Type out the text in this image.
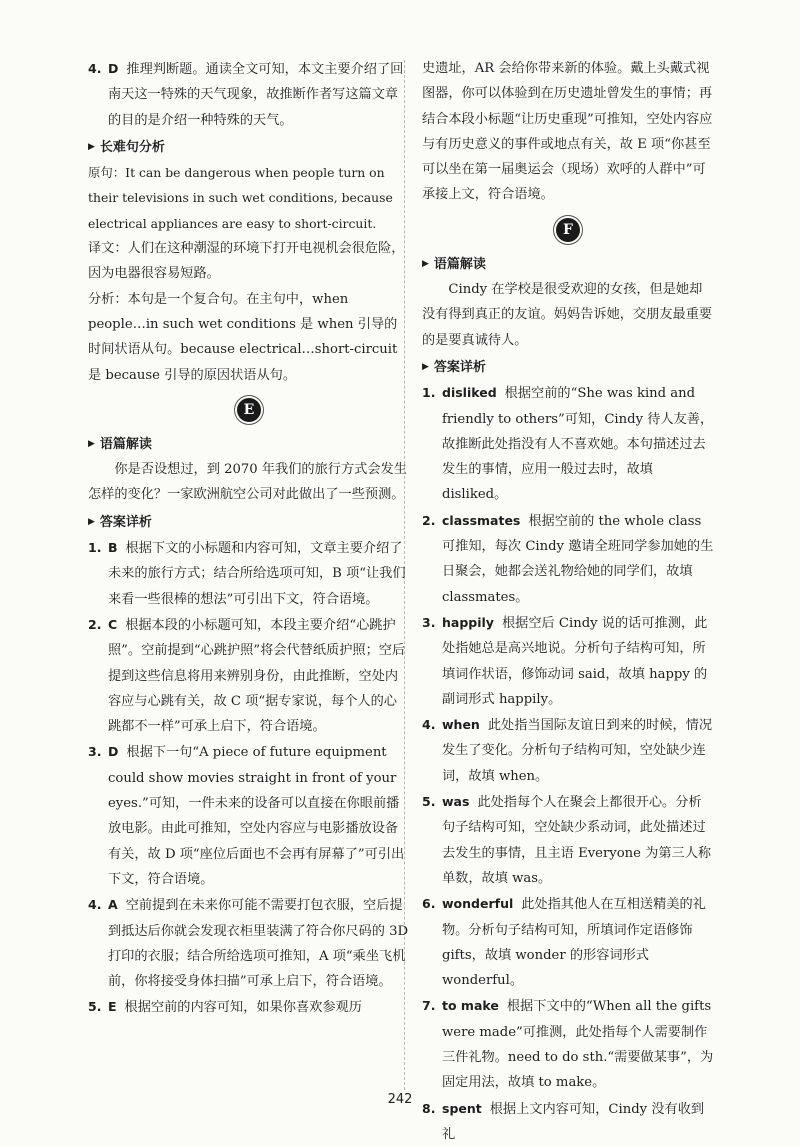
4. D 推理判断题。通读全文可知，本文主要介绍了回南天这一特殊的天气现象，故推断作者写这篇文章的目的是介绍一种特殊的天气。

▶ 长难句分析

原句：It can be dangerous when people turn on their televisions in such wet conditions, because electrical appliances are easy to short-circuit.

译文：人们在这种潮湿的环境下打开电视机会很危险，因为电器很容易短路。

分析：本句是一个复合句。在主句中，when people…in such wet conditions 是 when 引导的时间状语从句。because electrical…short-circuit 是 because 引导的原因状语从句。

E
▶ 语篇解读

你是否设想过，到 2070 年我们的旅行方式会发生怎样的变化？一家欧洲航空公司对此做出了一些预测。

▶ 答案详析

1. B 根据下文的小标题和内容可知，文章主要介绍了未来的旅行方式；结合所给选项可知，B 项“让我们来看一些很棒的想法”可引出下文，符合语境。

2. C 根据本段的小标题可知，本段主要介绍“心跳护照”。空前提到“心跳护照”将会代替纸质护照；空后提到这些信息将用来辨别身份，由此推断，空处内容应与心跳有关，故 C 项“据专家说，每个人的心跳都不一样”可承上启下，符合语境。

3. D 根据下一句“A piece of future equipment could show movies straight in front of your eyes.”可知，一件未来的设备可以直接在你眼前播放电影。由此可推知，空处内容应与电影播放设备有关，故 D 项“座位后面也不会再有屏幕了”可引出下文，符合语境。

4. A 空前提到在未来你可能不需要打包衣服，空后提到抵达后你就会发现衣柜里装满了符合你尺码的 3D 打印的衣服；结合所给选项可推知，A 项“乘坐飞机前，你将接受身体扫描”可承上启下，符合语境。

5. E 根据空前的内容可知，如果你喜欢参观历

史遗址，AR 会给你带来新的体验。戴上头戴式视图器，你可以体验到在历史遗址曾发生的事情；再结合本段小标题“让历史重现”可推知，空处内容应与有历史意义的事件或地点有关，故 E 项“你甚至可以坐在第一届奥运会（现场）欢呼的人群中”可承接上文，符合语境。

F
▶ 语篇解读

Cindy 在学校是很受欢迎的女孩，但是她却没有得到真正的友谊。妈妈告诉她，交朋友最重要的是要真诚待人。

▶ 答案详析

1. disliked 根据空前的“She was kind and friendly to others”可知，Cindy 待人友善，故推断此处指没有人不喜欢她。本句描述过去发生的事情，应用一般过去时，故填 disliked。

2. classmates 根据空前的 the whole class 可推知，每次 Cindy 邀请全班同学参加她的生日聚会，她都会送礼物给她的同学们，故填 classmates。

3. happily 根据空后 Cindy 说的话可推测，此处指她总是高兴地说。分析句子结构可知，所填词作状语，修饰动词 said，故填 happy 的副词形式 happily。

4. when 此处指当国际友谊日到来的时候，情况发生了变化。分析句子结构可知，空处缺少连词，故填 when。

5. was 此处指每个人在聚会上都很开心。分析句子结构可知，空处缺少系动词，此处描述过去发生的事情，且主语 Everyone 为第三人称单数，故填 was。

6. wonderful 此处指其他人在互相送精美的礼物。分析句子结构可知，所填词作定语修饰 gifts，故填 wonder 的形容词形式 wonderful。

7. to make 根据下文中的“When all the gifts were made”可推测，此处指每个人需要制作三件礼物。need to do sth.“需要做某事”，为固定用法，故填 to make。

8. spent 根据上文内容可知，Cindy 没有收到礼

242
